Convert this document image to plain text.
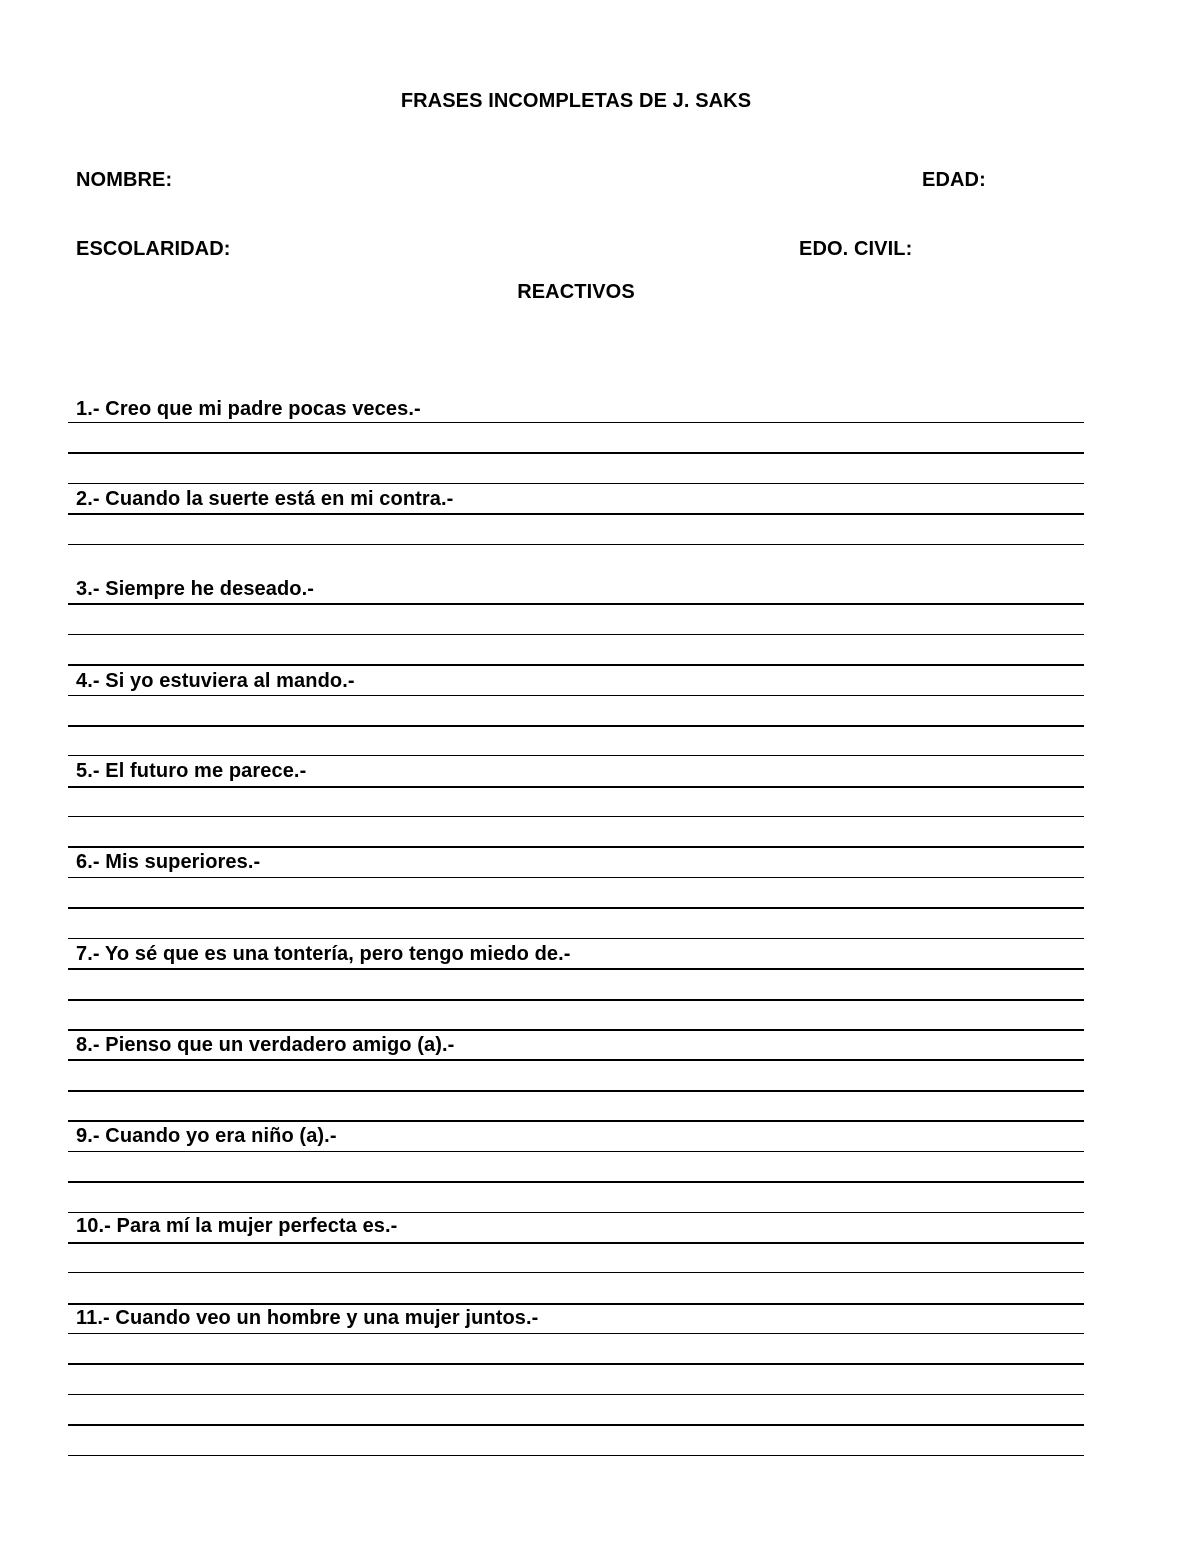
FRASES INCOMPLETAS DE J. SAKS
NOMBRE:	EDAD:
ESCOLARIDAD:	EDO. CIVIL:
REACTIVOS
1.- Creo que mi padre pocas veces.-
2.- Cuando la suerte está en mi contra.-
3.- Siempre he deseado.-
4.- Si yo estuviera al mando.-
5.- El futuro me parece.-
6.- Mis superiores.-
7.- Yo sé que es una tontería, pero tengo miedo de.-
8.- Pienso que un verdadero amigo (a).-
9.- Cuando yo era niño (a).-
10.- Para mí la mujer perfecta es.-
11.- Cuando veo un hombre y una mujer juntos.-
